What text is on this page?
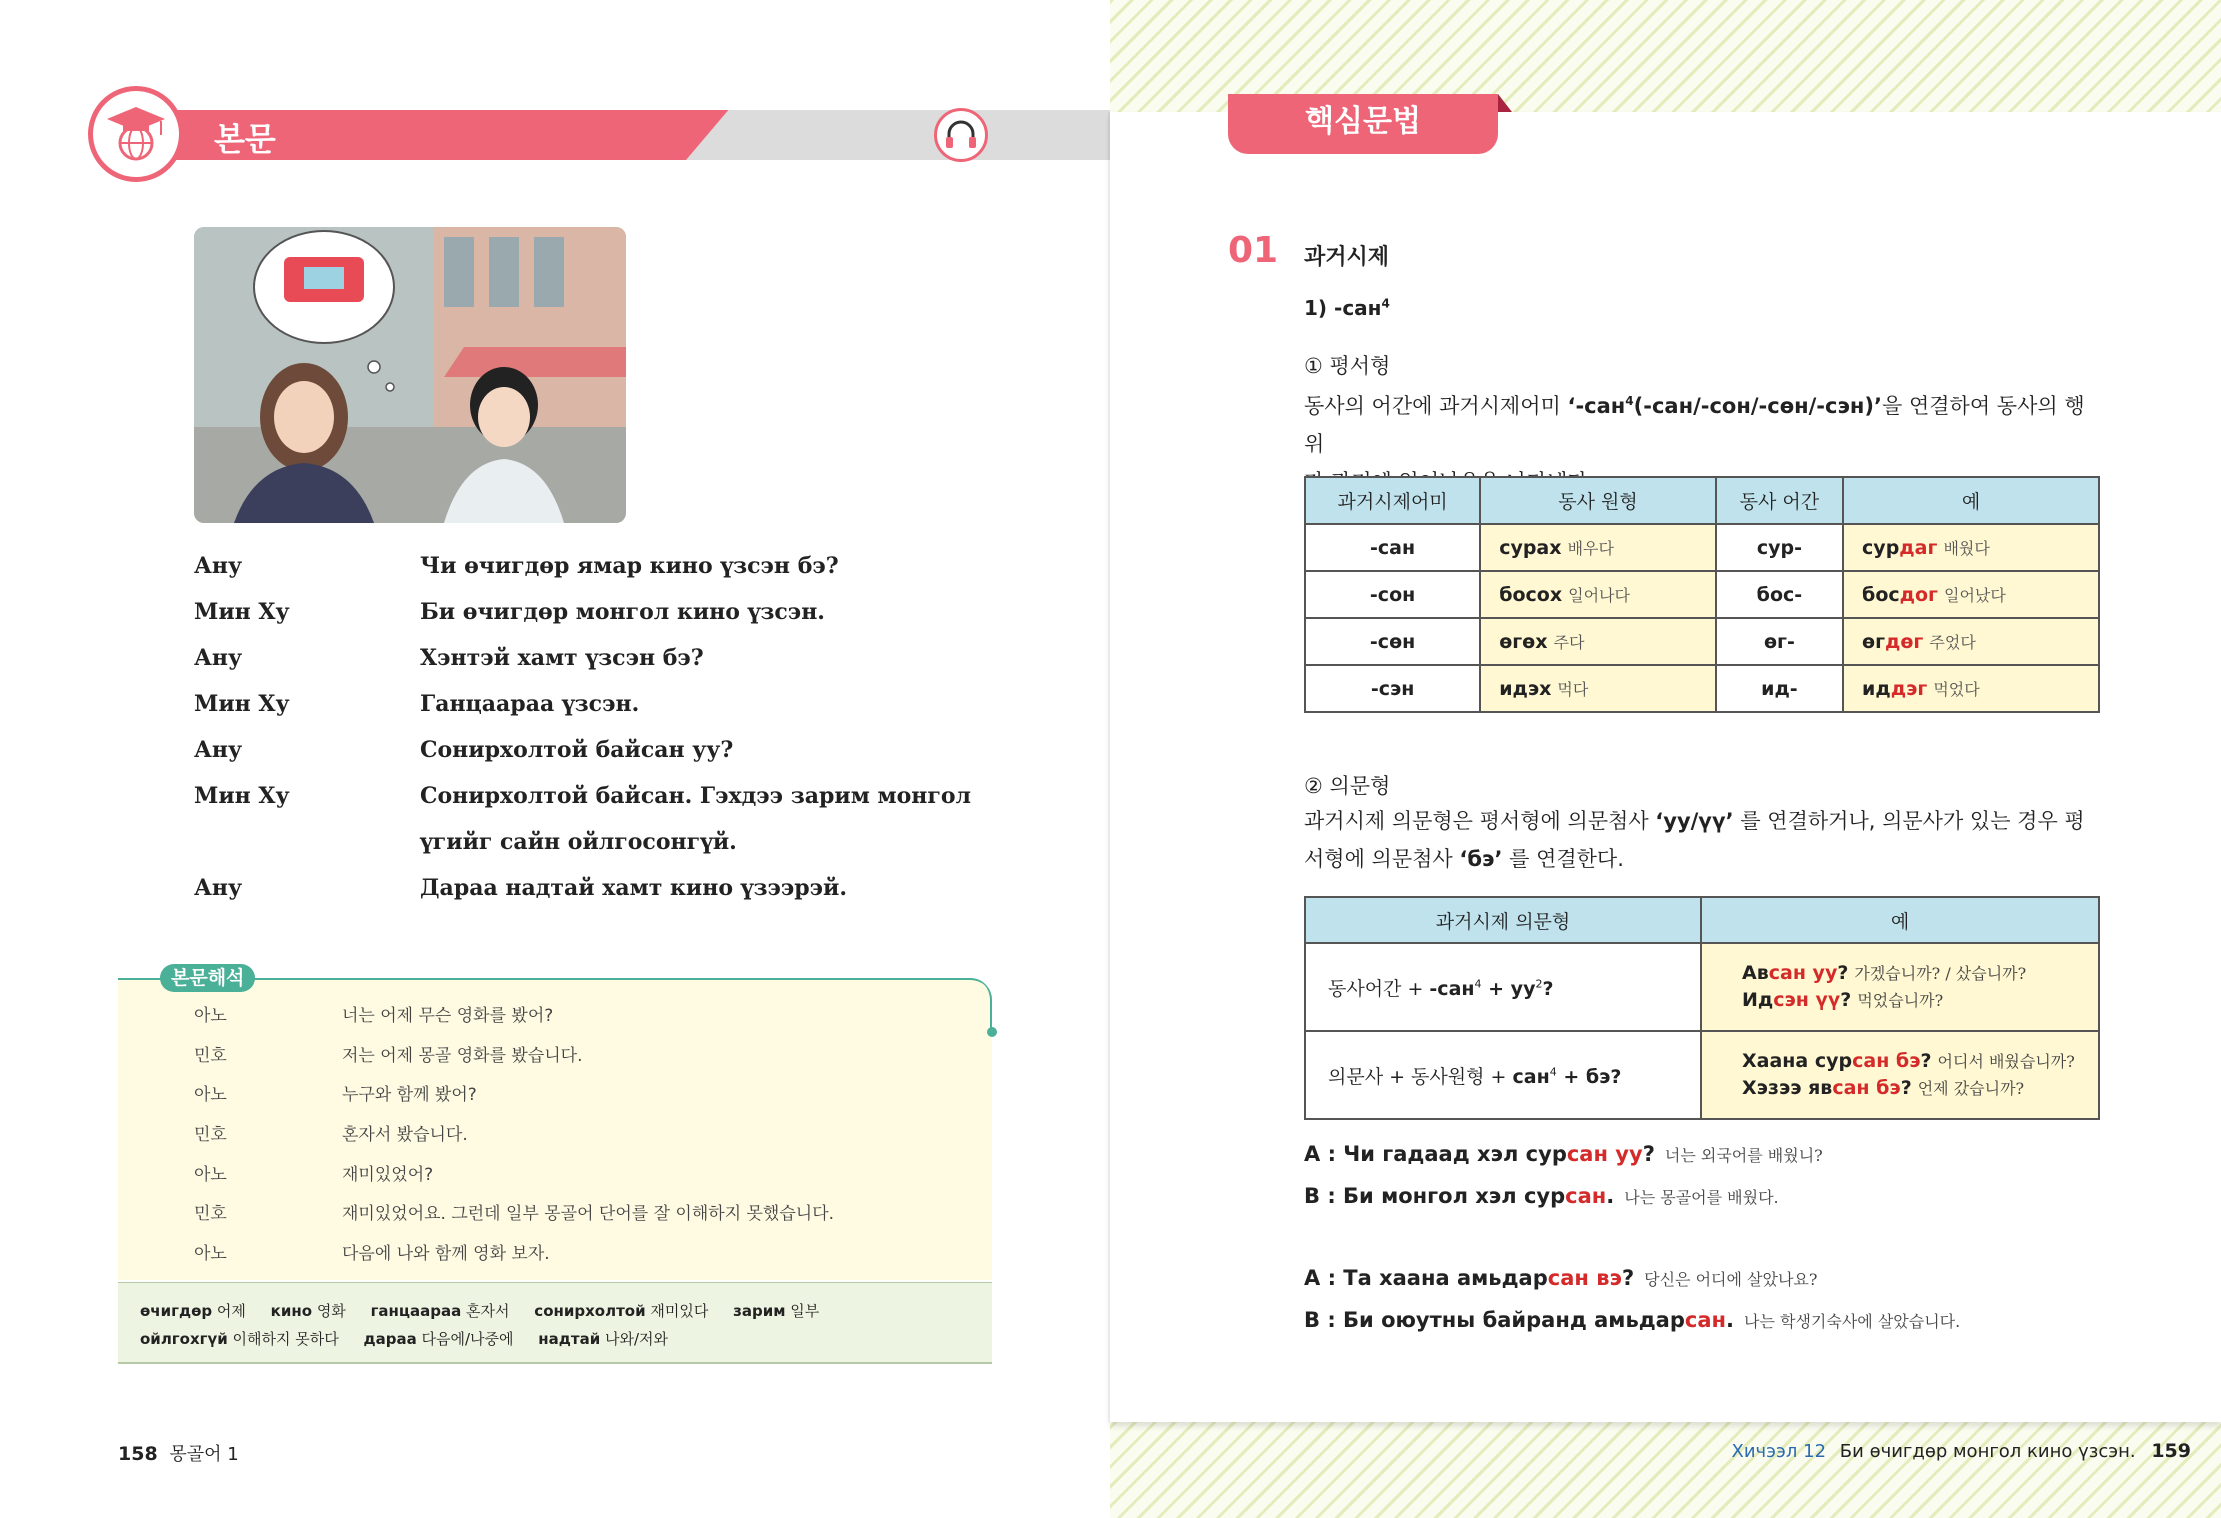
본문
Ану	Чи өчигдөр ямар кино үзсэн бэ?
Мин Ху	Би өчигдөр монгол кино үзсэн.
Ану	Хэнтэй хамт үзсэн бэ?
Мин Ху	Ганцаараа үзсэн.
Ану	Сонирхолтой байсан уу?
Мин Ху	Сонирхолтой байсан. Гэхдээ зарим монгол
үгийг сайн ойлгосонгүй.
Ану	Дараа надтай хамт кино үзээрэй.
본문해석
아노	너는 어제 무슨 영화를 봤어?
민호	저는 어제 몽골 영화를 봤습니다.
아노	누구와 함께 봤어?
민호	혼자서 봤습니다.
아노	재미있었어?
민호	재미있었어요. 그런데 일부 몽골어 단어를 잘 이해하지 못했습니다.
아노	다음에 나와 함께 영화 보자.
өчигдөр 어제 кино 영화 ганцаараа 혼자서 сонирхолтой 재미있다 зарим 일부
ойлгохгүй 이해하지 못하다 дараа 다음에/나중에 надтай 나와/저와
158 몽골어 1
핵심문법
01 과거시제
1) -сан$^4$
① 평서형
동사의 어간에 과거시제어미 ‘-сан$^4$(-сан/-сон/-сөн/-сэн)’을 연결하여 동사의 행위

과거시제어미	동사 원형	동사 어간	예
-сан	сурах 배우다	сур-	сурдаг 배웠다
-сон	босох 일어나다	бос-	босдог 일어났다
-сөн	өгөх 주다	өг-	өгдөг 주었다
-сэн	идэх 먹다	ид-	иддэг 먹었다
② 의문형
과거시제 의문형은 평서형에 의문첨사 ‘уу/үү’ 를 연결하거나, 의문사가 있는 경우 평
서형에 의문첨사 ‘бэ’ 를 연결한다.
과거시제 의문형	예
동사어간 + $-сан^4 + уу^2$?	Авсан уу? 가겠습니까? / 샀습니까?
Идсэн үү? 먹었습니까?

의문사 + 동사원형 + сан$^4$ + бэ?	Хаана сурсан бэ? 어디서 배웠습니까?
Хэзээ явсан бэ? 언제 갔습니까?
A : Чи гадаад хэл сурсан уу? 너는 외국어를 배웠니?
B : Би монгол хэл сурсан. 나는 몽골어를 배웠다.
A : Та хаана амьдарсан вэ? 당신은 어디에 살았나요?
B : Би оюутны байранд амьдарсан. 나는 학생기숙사에 살았습니다.
Хичээл 12 Би өчигдөр монгол кино үзсэн. 159
